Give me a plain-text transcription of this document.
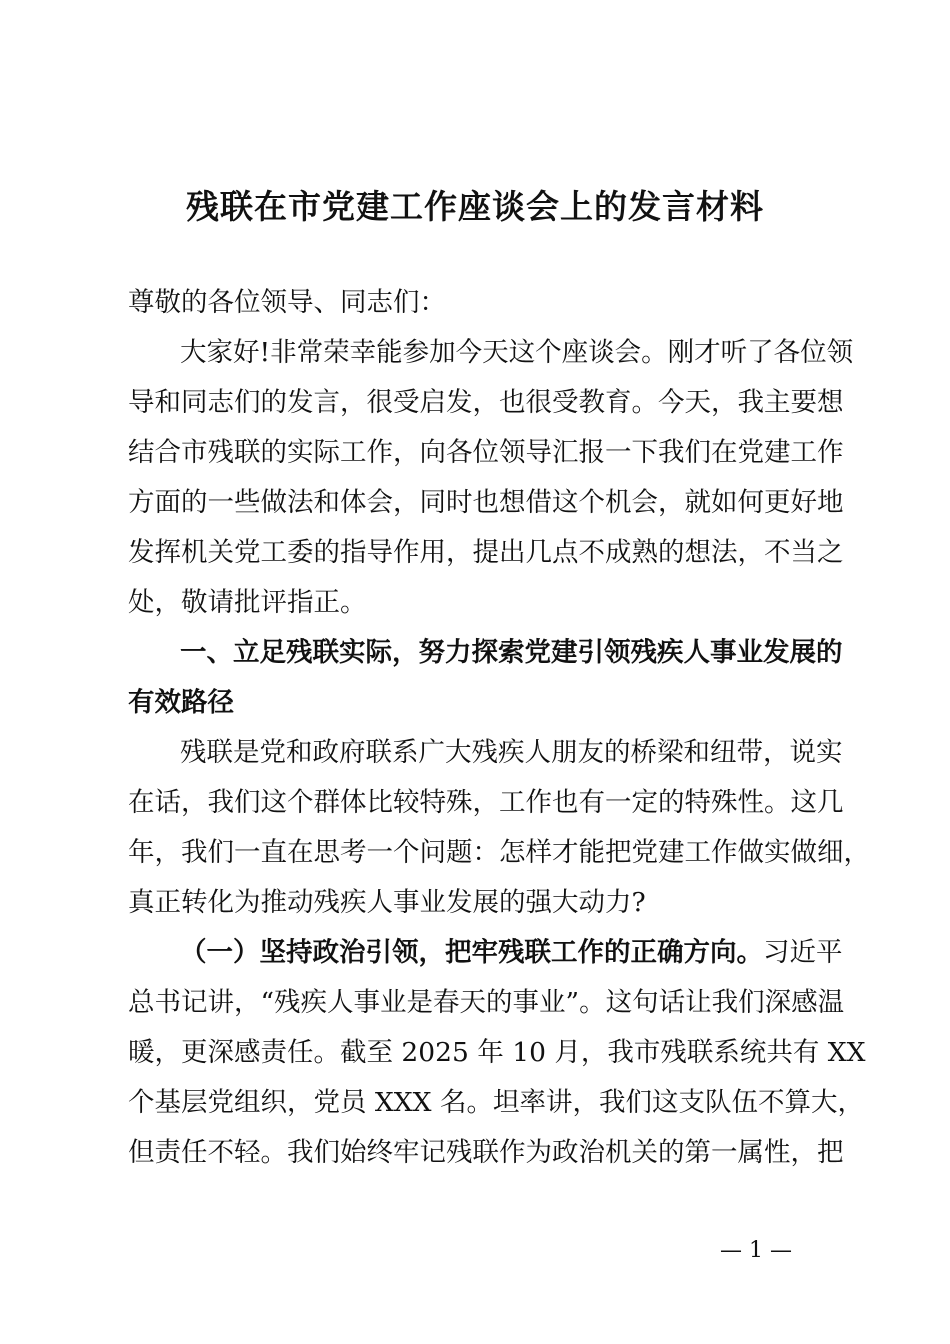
残联在市党建工作座谈会上的发言材料
尊敬的各位领导、同志们：
大家好!非常荣幸能参加今天这个座谈会。刚才听了各位领
导和同志们的发言，很受启发，也很受教育。今天，我主要想
结合市残联的实际工作，向各位领导汇报一下我们在党建工作
方面的一些做法和体会，同时也想借这个机会，就如何更好地
发挥机关党工委的指导作用，提出几点不成熟的想法，不当之
处，敬请批评指正。
一、立足残联实际，努力探索党建引领残疾人事业发展的
有效路径
残联是党和政府联系广大残疾人朋友的桥梁和纽带，说实
在话，我们这个群体比较特殊，工作也有一定的特殊性。这几
年，我们一直在思考一个问题：怎样才能把党建工作做实做细，
真正转化为推动残疾人事业发展的强大动力?
（一）坚持政治引领，把牢残联工作的正确方向。习近平
总书记讲，“残疾人事业是春天的事业”。这句话让我们深感温
暖，更深感责任。截至 2025 年 10 月，我市残联系统共有 XX
个基层党组织，党员 XXX 名。坦率讲，我们这支队伍不算大，
但责任不轻。我们始终牢记残联作为政治机关的第一属性，把
— 1 —
